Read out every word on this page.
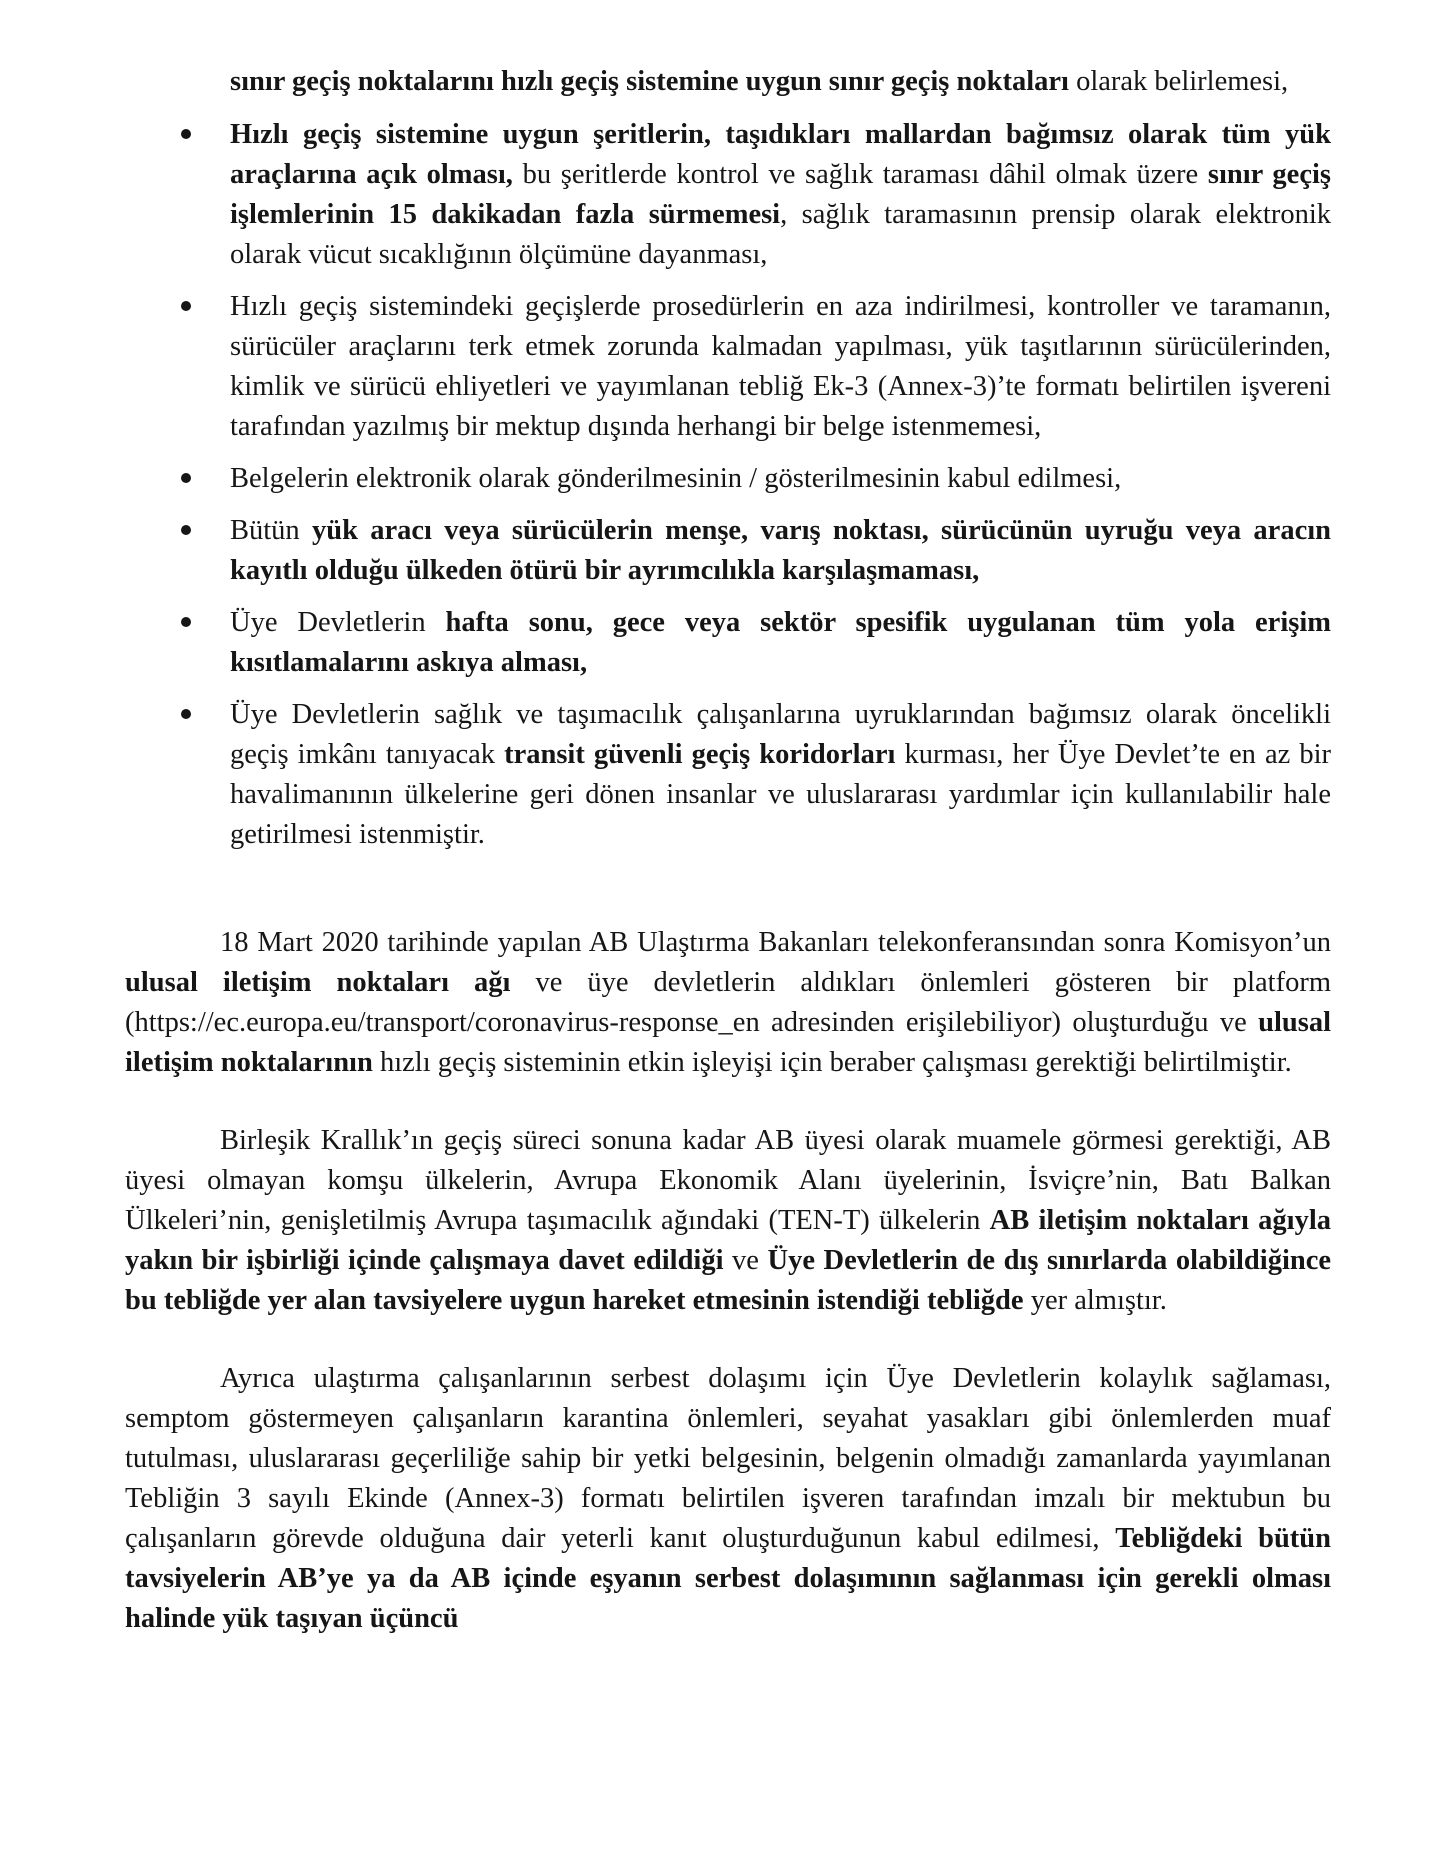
sınır geçiş noktalarını hızlı geçiş sistemine uygun sınır geçiş noktaları olarak belirlemesi,
Hızlı geçiş sistemine uygun şeritlerin, taşıdıkları mallardan bağımsız olarak tüm yük araçlarına açık olması, bu şeritlerde kontrol ve sağlık taraması dâhil olmak üzere sınır geçiş işlemlerinin 15 dakikadan fazla sürmemesi, sağlık taramasının prensip olarak elektronik olarak vücut sıcaklığının ölçümüne dayanması,
Hızlı geçiş sistemindeki geçişlerde prosedürlerin en aza indirilmesi, kontroller ve taramanın, sürücüler araçlarını terk etmek zorunda kalmadan yapılması, yük taşıtlarının sürücülerinden, kimlik ve sürücü ehliyetleri ve yayımlanan tebliğ Ek-3 (Annex-3)’te formatı belirtilen işvereni tarafından yazılmış bir mektup dışında herhangi bir belge istenmemesi,
Belgelerin elektronik olarak gönderilmesinin / gösterilmesinin kabul edilmesi,
Bütün yük aracı veya sürücülerin menşe, varış noktası, sürücünün uyruğu veya aracın kayıtlı olduğu ülkeden ötürü bir ayrımcılıkla karşılaşmaması,
Üye Devletlerin hafta sonu, gece veya sektör spesifik uygulanan tüm yola erişim kısıtlamalarını askıya alması,
Üye Devletlerin sağlık ve taşımacılık çalışanlarına uyruklarından bağımsız olarak öncelikli geçiş imkânı tanıyacak transit güvenli geçiş koridorları kurması, her Üye Devlet’te en az bir havalimanının ülkelerine geri dönen insanlar ve uluslararası yardımlar için kullanılabilir hale getirilmesi istenmiştir.

18 Mart 2020 tarihinde yapılan AB Ulaştırma Bakanları telekonferansından sonra Komisyon’un ulusal iletişim noktaları ağı ve üye devletlerin aldıkları önlemleri gösteren bir platform (https://ec.europa.eu/transport/coronavirus-response_en adresinden erişilebiliyor) oluşturduğu ve ulusal iletişim noktalarının hızlı geçiş sisteminin etkin işleyişi için beraber çalışması gerektiği belirtilmiştir.

Birleşik Krallık’ın geçiş süreci sonuna kadar AB üyesi olarak muamele görmesi gerektiği, AB üyesi olmayan komşu ülkelerin, Avrupa Ekonomik Alanı üyelerinin, İsviçre’nin, Batı Balkan Ülkeleri’nin, genişletilmiş Avrupa taşımacılık ağındaki (TEN-T) ülkelerin AB iletişim noktaları ağıyla yakın bir işbirliği içinde çalışmaya davet edildiği ve Üye Devletlerin de dış sınırlarda olabildiğince bu tebliğde yer alan tavsiyelere uygun hareket etmesinin istendiği tebliğde yer almıştır.

Ayrıca ulaştırma çalışanlarının serbest dolaşımı için Üye Devletlerin kolaylık sağlaması, semptom göstermeyen çalışanların karantina önlemleri, seyahat yasakları gibi önlemlerden muaf tutulması, uluslararası geçerliliğe sahip bir yetki belgesinin, belgenin olmadığı zamanlarda yayımlanan Tebliğin 3 sayılı Ekinde (Annex-3) formatı belirtilen işveren tarafından imzalı bir mektubun bu çalışanların görevde olduğuna dair yeterli kanıt oluşturduğunun kabul edilmesi, Tebliğdeki bütün tavsiyelerin AB’ye ya da AB içinde eşyanın serbest dolaşımının sağlanması için gerekli olması halinde yük taşıyan üçüncü
